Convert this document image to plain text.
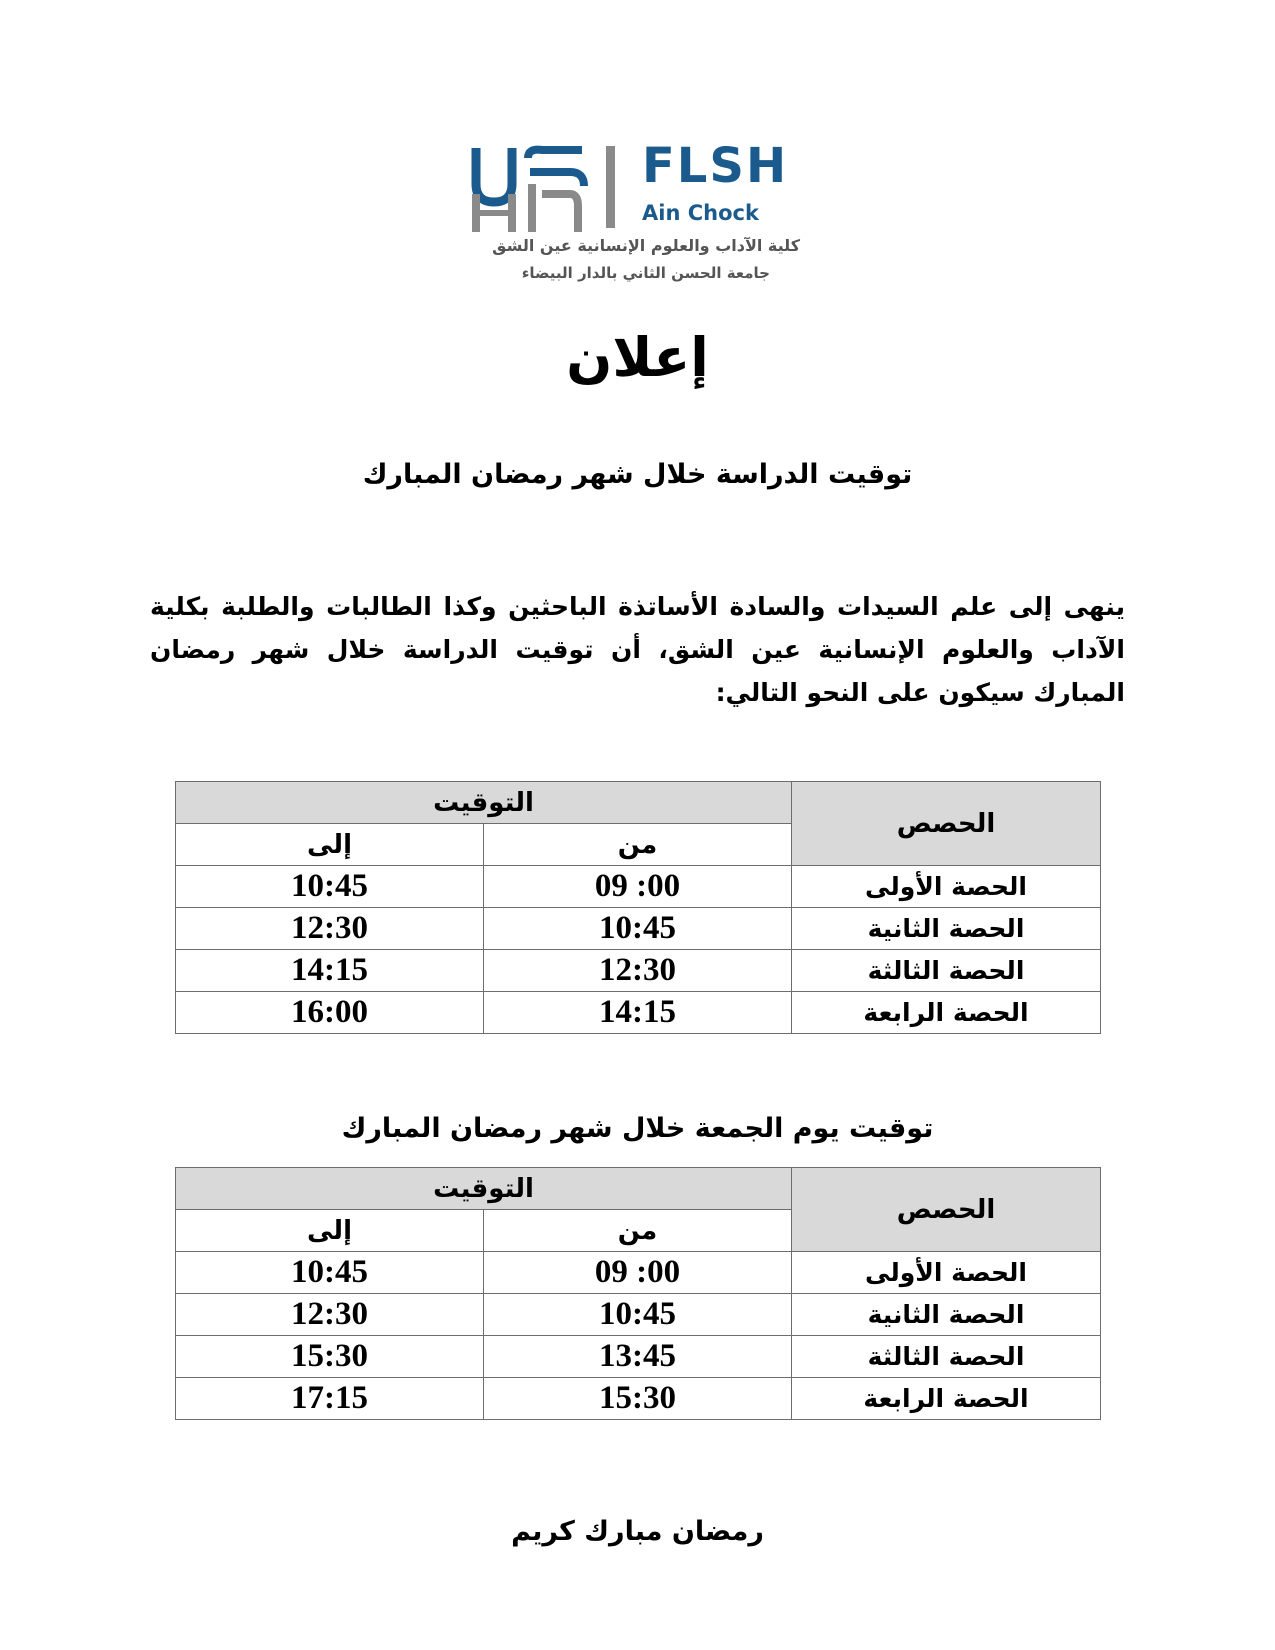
FLSH
Ain Chock
كلية الآداب والعلوم الإنسانية عين الشق
جامعة الحسن الثاني بالدار البيضاء
إعلان
توقيت الدراسة خلال شهر رمضان المبارك
ينهى إلى علم السيدات والسادة الأساتذة الباحثين وكذا الطالبات والطلبة بكلية الآداب والعلوم الإنسانية عين الشق، أن توقيت الدراسة خلال شهر رمضان المبارك سيكون على النحو التالي:
الحصص	التوقيت	
	من	إلى
الحصة الأولى	09 :00	10:45
الحصة الثانية	10:45	12:30
الحصة الثالثة	12:30	14:15
الحصة الرابعة	14:15	16:00
توقيت يوم الجمعة خلال شهر رمضان المبارك
الحصص	التوقيت	
	من	إلى
الحصة الأولى	09 :00	10:45
الحصة الثانية	10:45	12:30
الحصة الثالثة	13:45	15:30
الحصة الرابعة	15:30	17:15
رمضان مبارك كريم
